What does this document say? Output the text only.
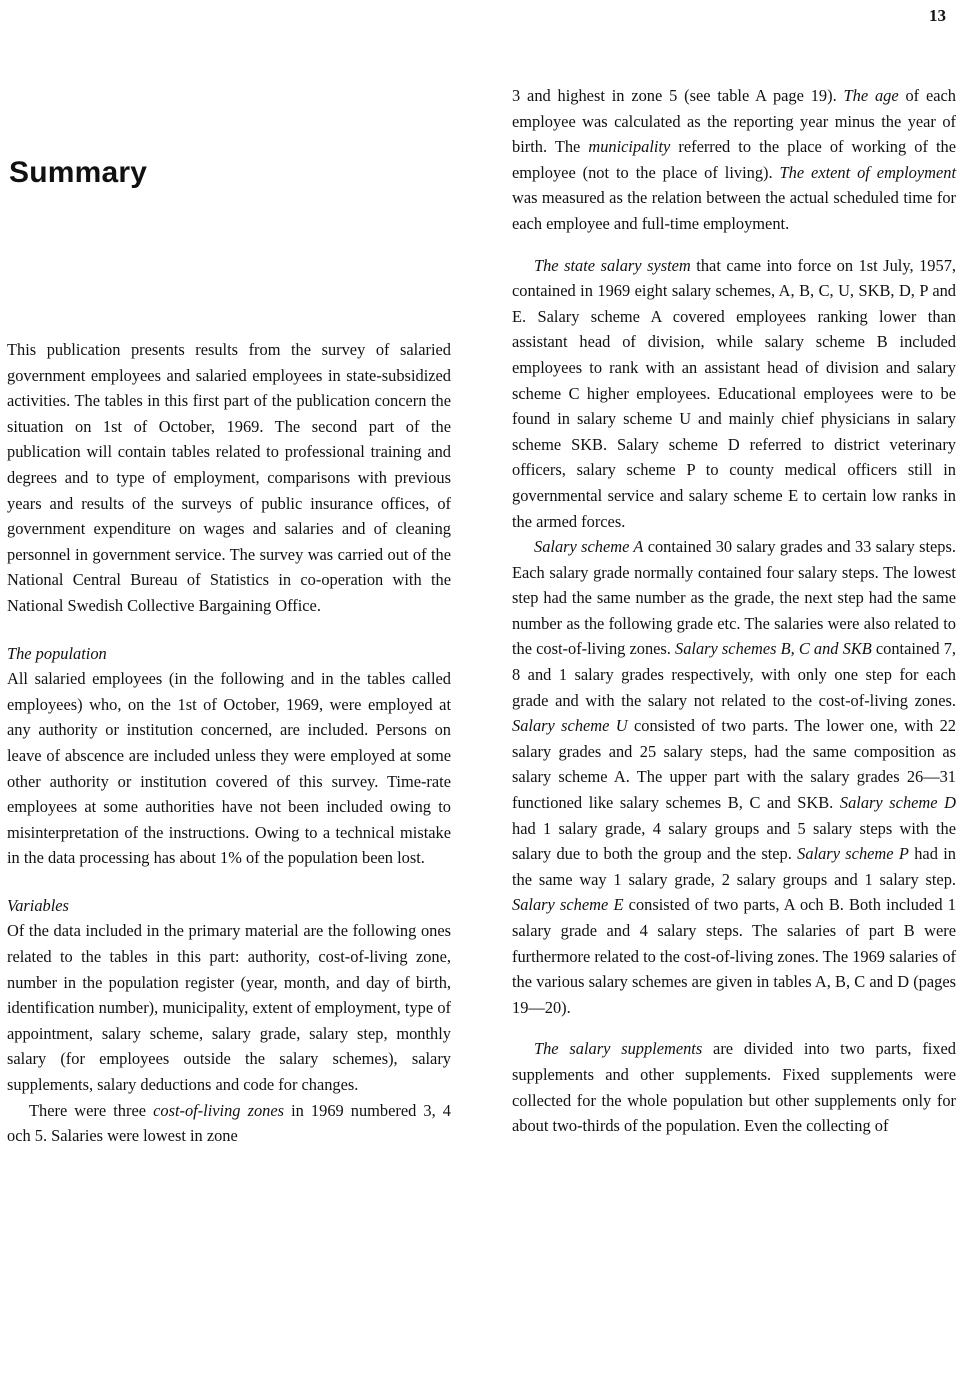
13
Summary

This publication presents results from the survey of salaried government employees and salaried employees in state-subsidized activities. The tables in this first part of the publication concern the situation on 1st of October, 1969. The second part of the publication will contain tables related to professional training and degrees and to type of employment, comparisons with previous years and results of the surveys of public insurance offices, of government expenditure on wages and salaries and of cleaning personnel in government service. The survey was carried out of the National Central Bureau of Statistics in co-operation with the National Swedish Collective Bargaining Office.

The population

All salaried employees (in the following and in the tables called employees) who, on the 1st of October, 1969, were employed at any authority or institution concerned, are included. Persons on leave of abscence are included unless they were employed at some other authority or institution covered of this survey. Time-rate employees at some authorities have not been included owing to misinterpretation of the instructions. Owing to a technical mistake in the data processing has about 1% of the population been lost.

Variables

Of the data included in the primary material are the following ones related to the tables in this part: authority, cost-of-living zone, number in the population register (year, month, and day of birth, identification number), municipality, extent of employment, type of appointment, salary scheme, salary grade, salary step, monthly salary (for employees outside the salary schemes), salary supplements, salary deductions and code for changes.

There were three cost-of-living zones in 1969 numbered 3, 4 och 5. Salaries were lowest in zone

3 and highest in zone 5 (see table A page 19). The age of each employee was calculated as the reporting year minus the year of birth. The municipality referred to the place of working of the employee (not to the place of living). The extent of employment was measured as the relation between the actual scheduled time for each employee and full-time employment.

The state salary system that came into force on 1st July, 1957, contained in 1969 eight salary schemes, A, B, C, U, SKB, D, P and E. Salary scheme A covered employees ranking lower than assistant head of division, while salary scheme B included employees to rank with an assistant head of division and salary scheme C higher employees. Educational employees were to be found in salary scheme U and mainly chief physicians in salary scheme SKB. Salary scheme D referred to district veterinary officers, salary scheme P to county medical officers still in governmental service and salary scheme E to certain low ranks in the armed forces.

Salary scheme A contained 30 salary grades and 33 salary steps. Each salary grade normally contained four salary steps. The lowest step had the same number as the grade, the next step had the same number as the following grade etc. The salaries were also related to the cost-of-living zones. Salary schemes B, C and SKB contained 7, 8 and 1 salary grades respectively, with only one step for each grade and with the salary not related to the cost-of-living zones. Salary scheme U consisted of two parts. The lower one, with 22 salary grades and 25 salary steps, had the same composition as salary scheme A. The upper part with the salary grades 26—31 functioned like salary schemes B, C and SKB. Salary scheme D had 1 salary grade, 4 salary groups and 5 salary steps with the salary due to both the group and the step. Salary scheme P had in the same way 1 salary grade, 2 salary groups and 1 salary step. Salary scheme E consisted of two parts, A och B. Both included 1 salary grade and 4 salary steps. The salaries of part B were furthermore related to the cost-of-living zones. The 1969 salaries of the various salary schemes are given in tables A, B, C and D (pages 19—20).

The salary supplements are divided into two parts, fixed supplements and other supplements. Fixed supplements were collected for the whole population but other supplements only for about two-thirds of the population. Even the collecting of
